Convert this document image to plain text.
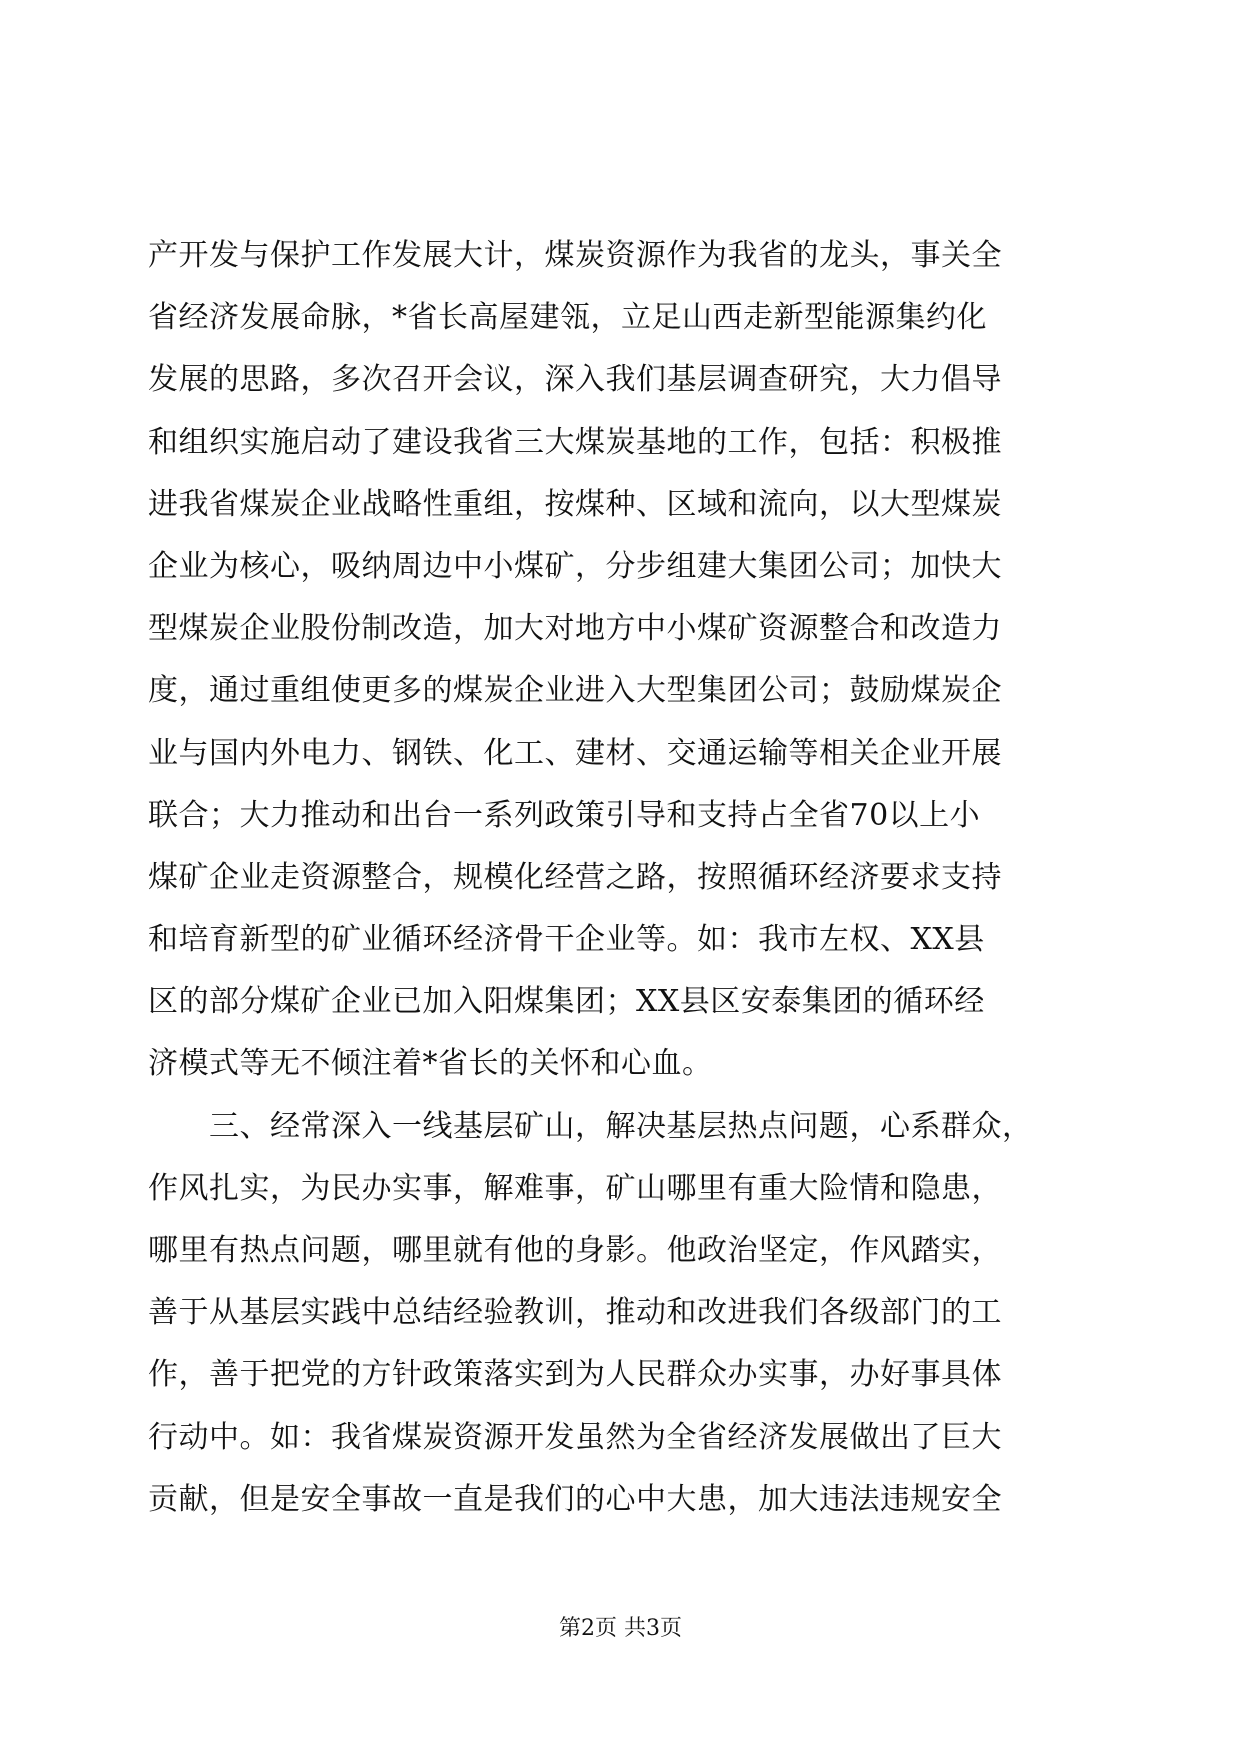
产开发与保护工作发展大计，煤炭资源作为我省的龙头，事关全
省经济发展命脉，*省长高屋建瓴，立足山西走新型能源集约化
发展的思路，多次召开会议，深入我们基层调查研究，大力倡导
和组织实施启动了建设我省三大煤炭基地的工作，包括：积极推
进我省煤炭企业战略性重组，按煤种、区域和流向，以大型煤炭
企业为核心，吸纳周边中小煤矿，分步组建大集团公司；加快大
型煤炭企业股份制改造，加大对地方中小煤矿资源整合和改造力
度，通过重组使更多的煤炭企业进入大型集团公司；鼓励煤炭企
业与国内外电力、钢铁、化工、建材、交通运输等相关企业开展
联合；大力推动和出台一系列政策引导和支持占全省70以上小
煤矿企业走资源整合，规模化经营之路，按照循环经济要求支持
和培育新型的矿业循环经济骨干企业等。如：我市左权、XX县
区的部分煤矿企业已加入阳煤集团；XX县区安泰集团的循环经
济模式等无不倾注着*省长的关怀和心血。
　　三、经常深入一线基层矿山，解决基层热点问题，心系群众，
作风扎实，为民办实事，解难事，矿山哪里有重大险情和隐患，
哪里有热点问题，哪里就有他的身影。他政治坚定，作风踏实，
善于从基层实践中总结经验教训，推动和改进我们各级部门的工
作，善于把党的方针政策落实到为人民群众办实事，办好事具体
行动中。如：我省煤炭资源开发虽然为全省经济发展做出了巨大
贡献，但是安全事故一直是我们的心中大患，加大违法违规安全
第2页 共3页
